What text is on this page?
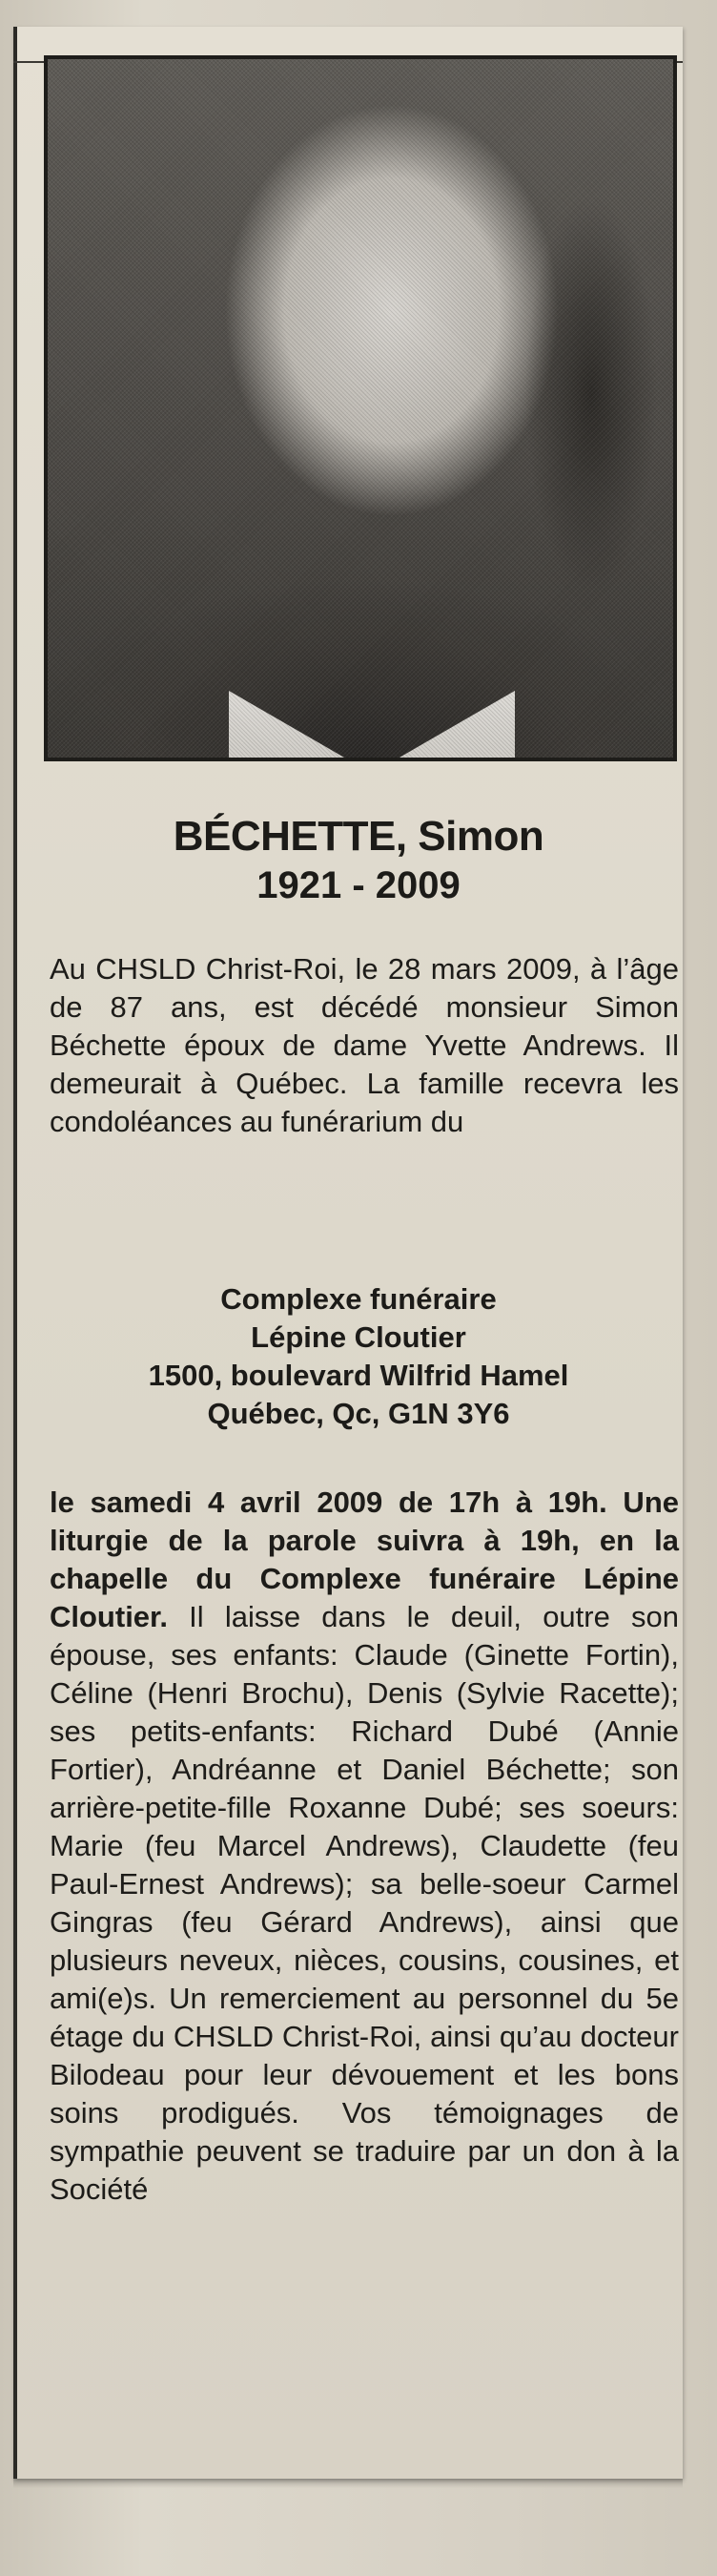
BÉCHETTE, Simon
1921 - 2009

Au CHSLD Christ-Roi, le 28 mars 2009, à l’âge de 87 ans, est décédé monsieur Simon Béchette époux de dame Yvette Andrews. Il demeurait à Québec. La famille recevra les condoléances au funérarium du

Complexe funéraire
Lépine Cloutier
1500, boulevard Wilfrid Hamel
Québec, Qc, G1N 3Y6

le samedi 4 avril 2009 de 17h à 19h. Une liturgie de la parole suivra à 19h, en la chapelle du Complexe funéraire Lépine Cloutier. Il laisse dans le deuil, outre son épouse, ses enfants: Claude (Ginette Fortin), Céline (Henri Brochu), Denis (Sylvie Racette); ses petits-enfants: Richard Dubé (Annie Fortier), Andréanne et Daniel Béchette; son arrière-petite-fille Roxanne Dubé; ses soeurs: Marie (feu Marcel Andrews), Claudette (feu Paul-Ernest Andrews); sa belle-soeur Carmel Gingras (feu Gérard Andrews), ainsi que plusieurs neveux, nièces, cousins, cousines, et ami(e)s. Un remerciement au personnel du 5e étage du CHSLD Christ-Roi, ainsi qu’au docteur Bilodeau pour leur dévouement et les bons soins prodigués. Vos témoignages de sympathie peuvent se traduire par un don à la Société
